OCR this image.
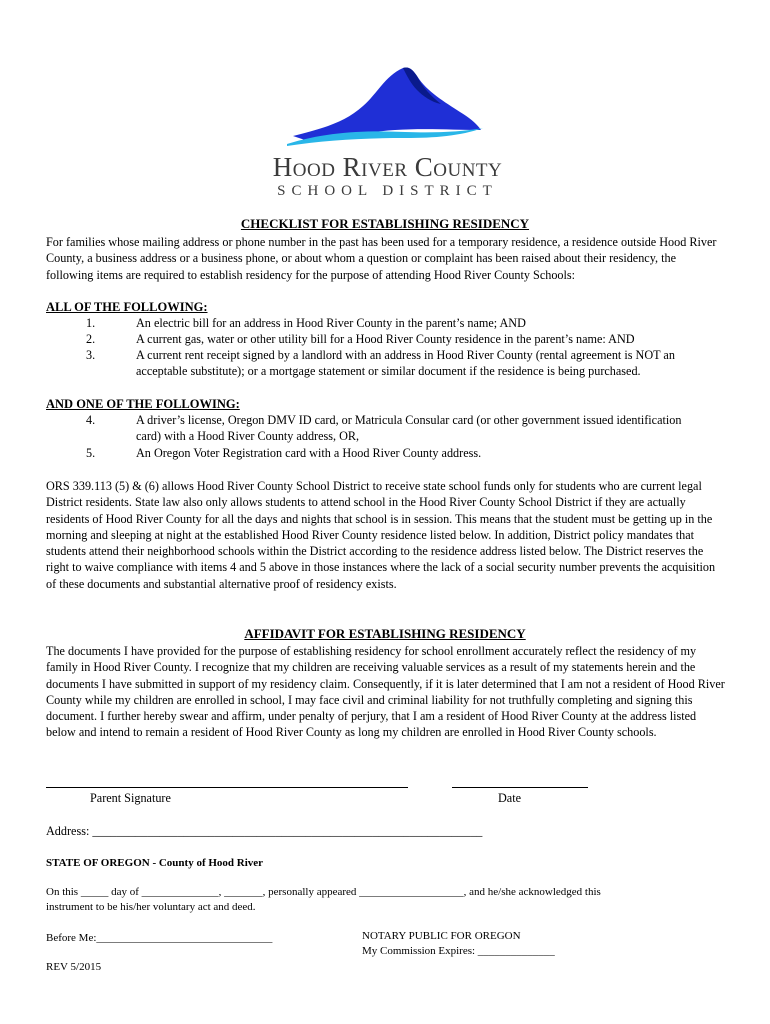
Hood River County
SCHOOL DISTRICT
CHECKLIST FOR ESTABLISHING RESIDENCY

For families whose mailing address or phone number in the past has been used for a temporary residence, a residence outside Hood River County, a business address or a business phone, or about whom a question or complaint has been raised about their residency, the following items are required to establish residency for the purpose of attending Hood River County Schools:

ALL OF THE FOLLOWING:
1.	An electric bill for an address in Hood River County in the parent’s name; AND
2.	A current gas, water or other utility bill for a Hood River County residence in the parent’s name: AND
3.	A current rent receipt signed by a landlord with an address in Hood River County (rental agreement is NOT an acceptable substitute); or a mortgage statement or similar document if the residence is being purchased.
AND ONE OF THE FOLLOWING:
4.	A driver’s license, Oregon DMV ID card, or Matricula Consular card (or other government issued identification card) with a Hood River County address, OR,
5.	An Oregon Voter Registration card with a Hood River County address.

ORS 339.113 (5) & (6) allows Hood River County School District to receive state school funds only for students who are current legal District residents. State law also only allows students to attend school in the Hood River County School District if they are actually residents of Hood River County for all the days and nights that school is in session. This means that the student must be getting up in the morning and sleeping at night at the established Hood River County residence listed below. In addition, District policy mandates that students attend their neighborhood schools within the District according to the residence address listed below. The District reserves the right to waive compliance with items 4 and 5 above in those instances where the lack of a social security number prevents the acquisition of these documents and substantial alternative proof of residency exists.

AFFIDAVIT FOR ESTABLISHING RESIDENCY

The documents I have provided for the purpose of establishing residency for school enrollment accurately reflect the residency of my family in Hood River County. I recognize that my children are receiving valuable services as a result of my statements herein and the documents I have submitted in support of my residency claim. Consequently, if it is later determined that I am not a resident of Hood River County while my children are enrolled in school, I may face civil and criminal liability for not truthfully completing and signing this document. I further hereby swear and affirm, under penalty of perjury, that I am a resident of Hood River County at the address listed below and intend to remain a resident of Hood River County as long my children are enrolled in Hood River County schools.

Parent Signature	Date
Address: ________________________________________________________________
STATE OF OREGON - County of Hood River
On this _____ day of ______________, _______, personally appeared ___________________, and he/she acknowledged this
instrument to be his/her voluntary act and deed.
Before Me:________________________________	NOTARY PUBLIC FOR OREGON
My Commission Expires: ______________
REV 5/2015
